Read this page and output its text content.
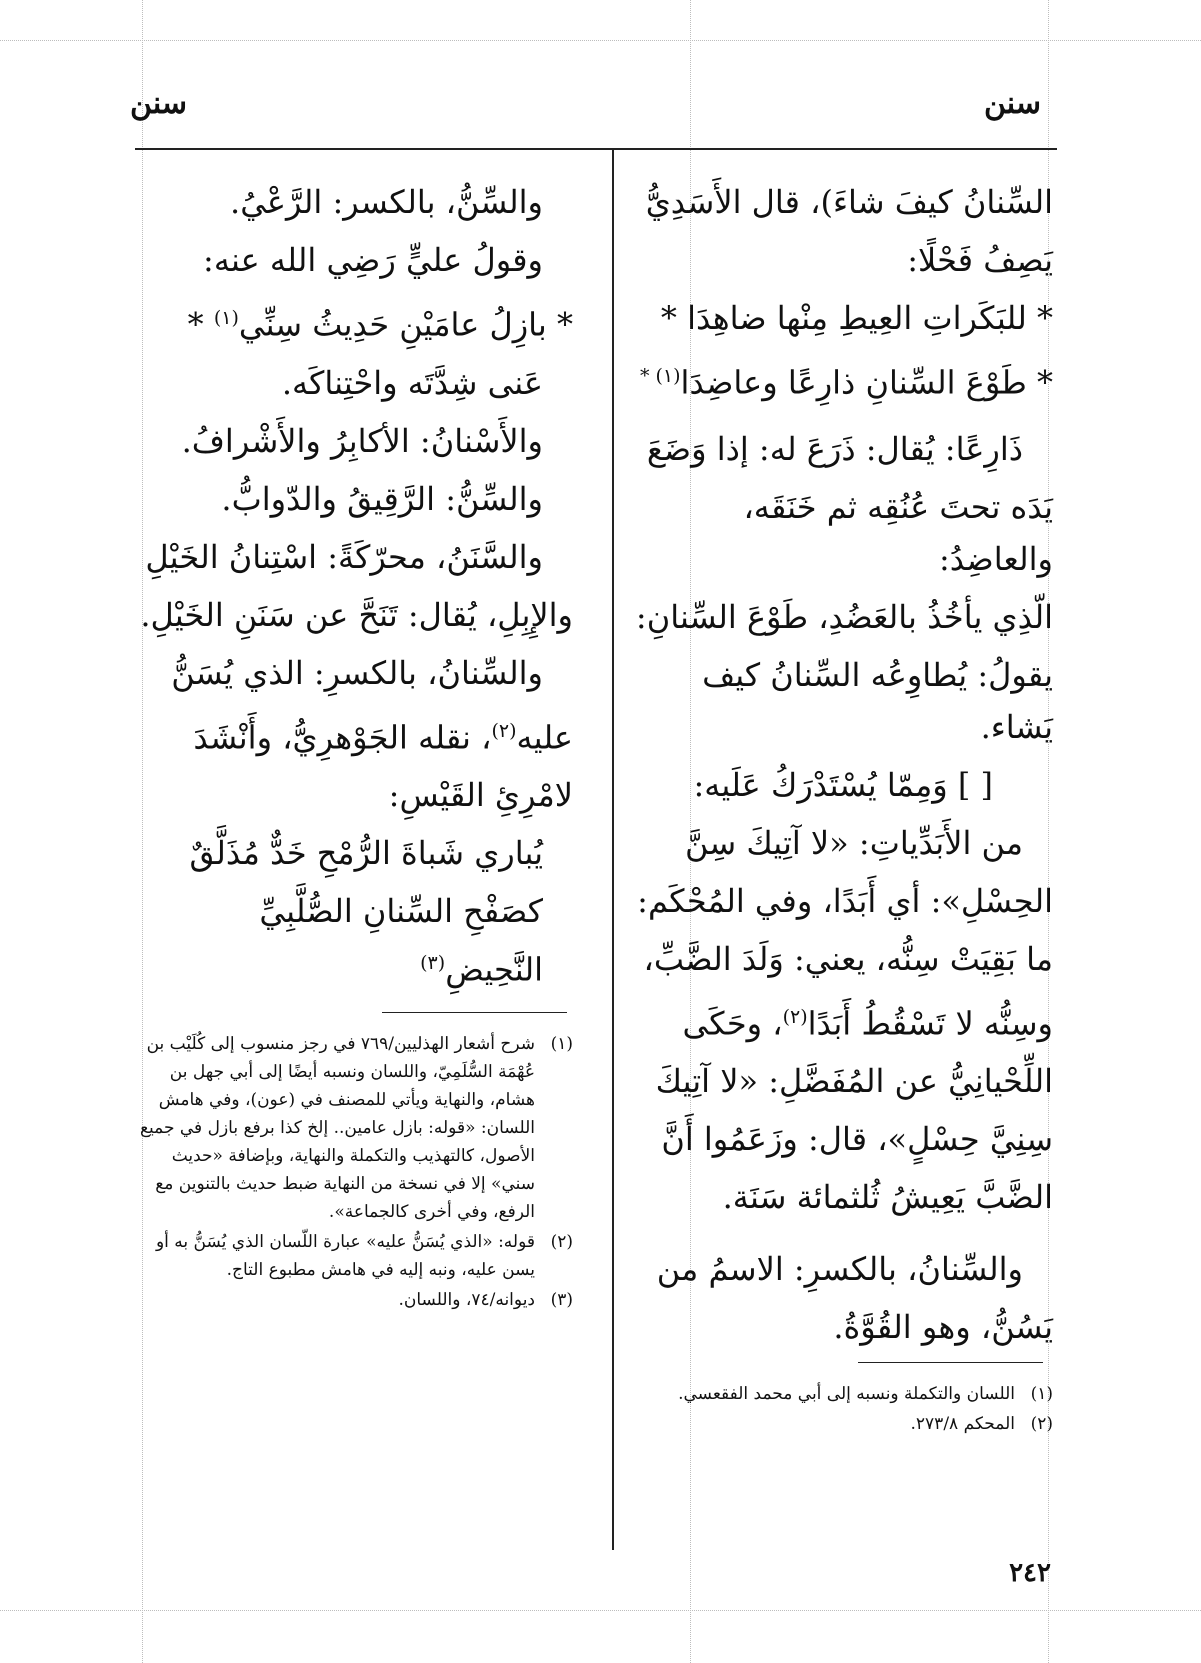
سنن
سنن

السِّنانُ كيفَ شاءَ)، قال الأَسَدِيُّ

يَصِفُ فَحْلًا:

* للبَكَراتِ العِيطِ مِنْها ضاهِدَا *

* طَوْعَ السِّنانِ ذارِعًا وعاضِدَا$^{(١) *}$

ذَارِعًا: يُقال: ذَرَعَ له: إذا وَضَعَ

يَدَه تحتَ عُنُقِه ثم خَنَقَه، والعاضِدُ:

الّذِي يأخُذُ بالعَضُدِ، طَوْعَ السِّنانِ:

يقولُ: يُطاوِعُه السِّنانُ كيف يَشاء.

[ ] وَمِمّا يُسْتَدْرَكُ عَلَيه:

من الأَبَدِّياتِ: «لا آتِيكَ سِنَّ

الحِسْلِ»: أي أَبَدًا، وفي المُحْكَم:

ما بَقِيَتْ سِنُّه، يعني: وَلَدَ الضَّبِّ،

وسِنُّه لا تَسْقُطُ أَبَدًا$^{(٢)}$، وحَكَى

اللِّحْيانِيُّ عن المُفَضَّلِ: «لا آتِيكَ

سِنِيَّ حِسْلٍ»، قال: وزَعَمُوا أَنَّ

الضَّبَّ يَعِيشُ ثُلثمائة سَنَة.

والسِّنانُ، بالكسرِ: الاسمُ من

يَسُنُّ، وهو القُوَّةُ.

والسِّنُّ، بالكسر: الرَّعْيُ.

وقولُ عليٍّ رَضِي الله عنه:

* بازِلُ عامَيْنِ حَدِيثُ سِنِّي$^{(١)}$ *

عَنى شِدَّتَه واحْتِناكَه.

والأَسْنانُ: الأكابِرُ والأَشْرافُ.

والسِّنُّ: الرَّقِيقُ والدّوابُّ.

والسَّنَنُ، محرّكَةً: اسْتِنانُ الخَيْلِ

والإِبِلِ، يُقال: تَنَحَّ عن سَنَنِ الخَيْلِ.

والسِّنانُ، بالكسرِ: الذي يُسَنُّ

عليه$^{(٢)}$، نقله الجَوْهرِيُّ، وأَنْشَدَ

لامْرِئِ القَيْسِ:

يُباري شَباةَ الرُّمْحِ خَدٌّ مُذَلَّقٌ

كصَفْحِ السِّنانِ الصُّلَّبِيِّ النَّحِيضِ$^{(٣)}$

(١)
شرح أشعار الهذليين/٧٦٩ في رجز منسوب إلى كُلَيْب بن عُهْمَة السُّلَمِيّ، واللسان ونسبه أيضًا إلى أبي جهل بن هشام، والنهاية ويأتي للمصنف في (عون)، وفي هامش اللسان: «قوله: بازل عامين.. إلخ كذا برفع بازل في جميع الأصول، كالتهذيب والتكملة والنهاية، وبإضافة «حديث سني» إلا في نسخة من النهاية ضبط حديث بالتنوين مع الرفع، وفي أخرى كالجماعة».
(٢)
قوله: «الذي يُسَنُّ عليه» عبارة اللّسان الذي يُسَنُّ به أو يسن عليه، ونبه إليه في هامش مطبوع التاج.
(٣)
ديوانه/٧٤، واللسان.
(١)
اللسان والتكملة ونسبه إلى أبي محمد الفقعسي.
(٢)
المحكم ٢٧٣/٨.
٢٤٢
